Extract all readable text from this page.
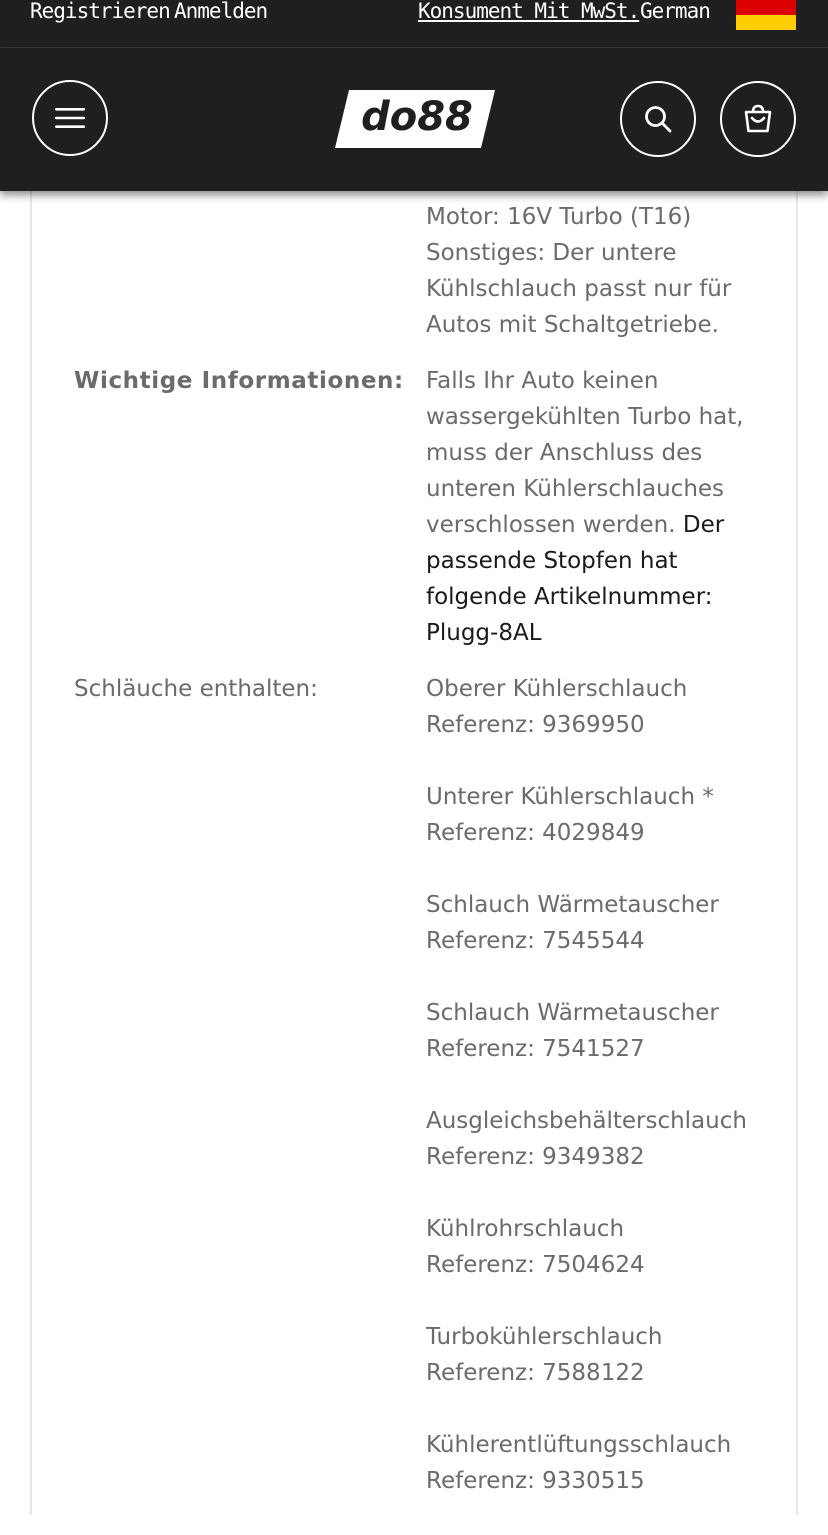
Registrieren Anmelden	Konsument Mit MwSt. German
do88
Motor: 16V Turbo (T16)
Sonstiges: Der untere
Kühlschlauch passt nur für
Autos mit Schaltgetriebe.
Wichtige Informationen: Falls Ihr Auto keinen
wassergekühlten Turbo hat,
muss der Anschluss des
unteren Kühlerschlauches
verschlossen werden. Der
passende Stopfen hat
folgende Artikelnummer:
Plugg-8AL
Schläuche enthalten:	Oberer Kühlerschlauch
Referenz: 9369950
Unterer Kühlerschlauch *
Referenz: 4029849
Schlauch Wärmetauscher
Referenz: 7545544
Schlauch Wärmetauscher
Referenz: 7541527
Ausgleichsbehälterschlauch
Referenz: 9349382
Kühlrohrschlauch
Referenz: 7504624
Turbokühlerschlauch
Referenz: 7588122
Kühlerentlüftungsschlauch
Referenz: 9330515
